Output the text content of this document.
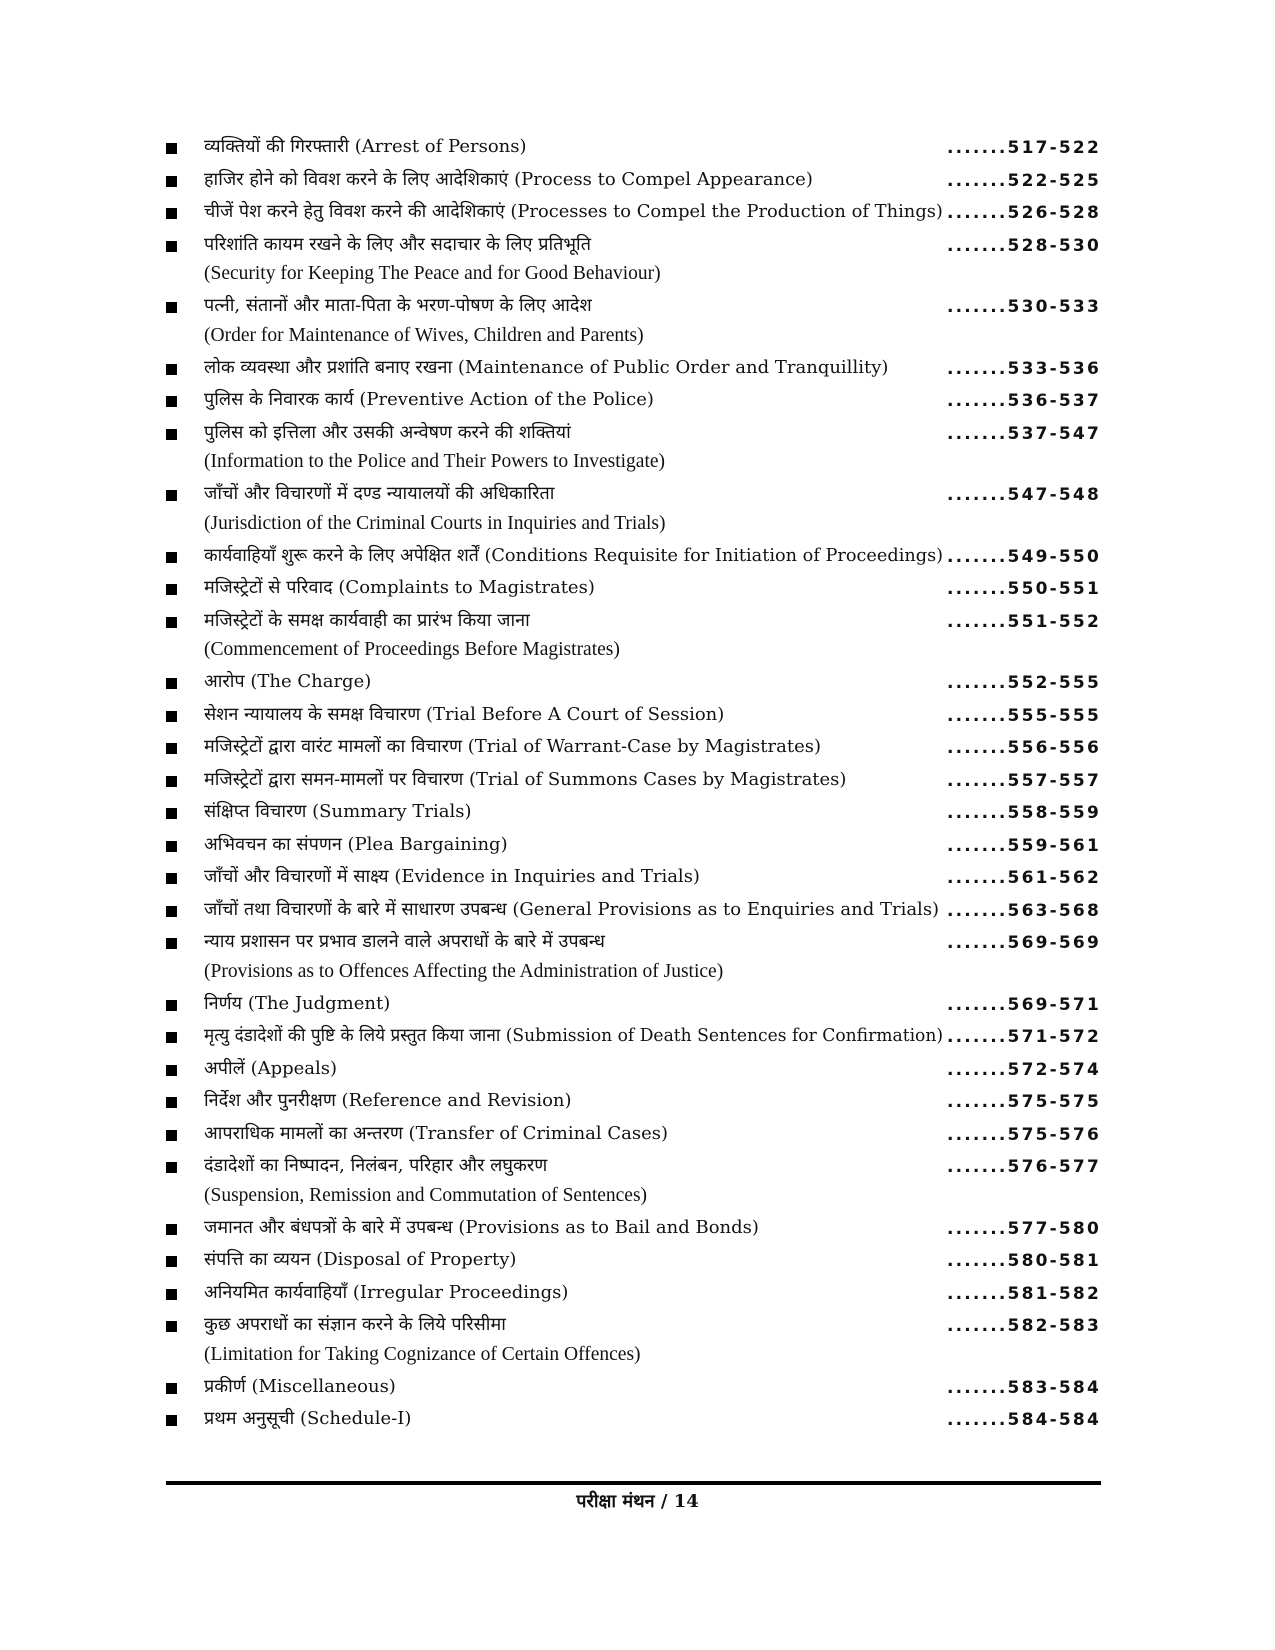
व्यक्तियों की गिरफ्तारी (Arrest of Persons)	.......517-522
हाजिर होने को विवश करने के लिए आदेशिकाएं (Process to Compel Appearance)	.......522-525
चीजें पेश करने हेतु विवश करने की आदेशिकाएं (Processes to Compel the Production of Things) .......526-528
परिशांति कायम रखने के लिए और सदाचार के लिए प्रतिभूति	.......528-530
(Security for Keeping The Peace and for Good Behaviour)
पत्नी, संतानों और माता-पिता के भरण-पोषण के लिए आदेश	.......530-533
(Order for Maintenance of Wives, Children and Parents)
लोक व्यवस्था और प्रशांति बनाए रखना (Maintenance of Public Order and Tranquillity)	.......533-536
पुलिस के निवारक कार्य (Preventive Action of the Police)	.......536-537
पुलिस को इत्तिला और उसकी अन्वेषण करने की शक्तियां	.......537-547
(Information to the Police and Their Powers to Investigate)
जाँचों और विचारणों में दण्ड न्यायालयों की अधिकारिता	.......547-548
(Jurisdiction of the Criminal Courts in Inquiries and Trials)
कार्यवाहियाँ शुरू करने के लिए अपेक्षित शर्तें (Conditions Requisite for Initiation of Proceedings) .......549-550
मजिस्ट्रेटों से परिवाद (Complaints to Magistrates)	.......550-551
मजिस्ट्रेटों के समक्ष कार्यवाही का प्रारंभ किया जाना	.......551-552
(Commencement of Proceedings Before Magistrates)
आरोप (The Charge)	.......552-555
सेशन न्यायालय के समक्ष विचारण (Trial Before A Court of Session)	.......555-555
मजिस्ट्रेटों द्वारा वारंट मामलों का विचारण (Trial of Warrant-Case by Magistrates)	.......556-556
मजिस्ट्रेटों द्वारा समन-मामलों पर विचारण (Trial of Summons Cases by Magistrates)	.......557-557
संक्षिप्त विचारण (Summary Trials)	.......558-559
अभिवचन का संपणन (Plea Bargaining)	.......559-561
जाँचों और विचारणों में साक्ष्य (Evidence in Inquiries and Trials)	.......561-562
जाँचों तथा विचारणों के बारे में साधारण उपबन्ध (General Provisions as to Enquiries and Trials) .......563-568
न्याय प्रशासन पर प्रभाव डालने वाले अपराधों के बारे में उपबन्ध	.......569-569
(Provisions as to Offences Affecting the Administration of Justice)
निर्णय (The Judgment)	.......569-571
मृत्यु दंडादेशों की पुष्टि के लिये प्रस्तुत किया जाना (Submission of Death Sentences for Confirmation) .......571-572
अपीलें (Appeals)	.......572-574
निर्देश और पुनरीक्षण (Reference and Revision)	.......575-575
आपराधिक मामलों का अन्तरण (Transfer of Criminal Cases)	.......575-576
दंडादेशों का निष्पादन, निलंबन, परिहार और लघुकरण	.......576-577
(Suspension, Remission and Commutation of Sentences)
जमानत और बंधपत्रों के बारे में उपबन्ध (Provisions as to Bail and Bonds)	.......577-580
संपत्ति का व्ययन (Disposal of Property)	.......580-581
अनियमित कार्यवाहियाँ (Irregular Proceedings)	.......581-582
कुछ अपराधों का संज्ञान करने के लिये परिसीमा	.......582-583
(Limitation for Taking Cognizance of Certain Offences)
प्रकीर्ण (Miscellaneous)	.......583-584
प्रथम अनुसूची (Schedule-I)	.......584-584
परीक्षा मंथन / 14
